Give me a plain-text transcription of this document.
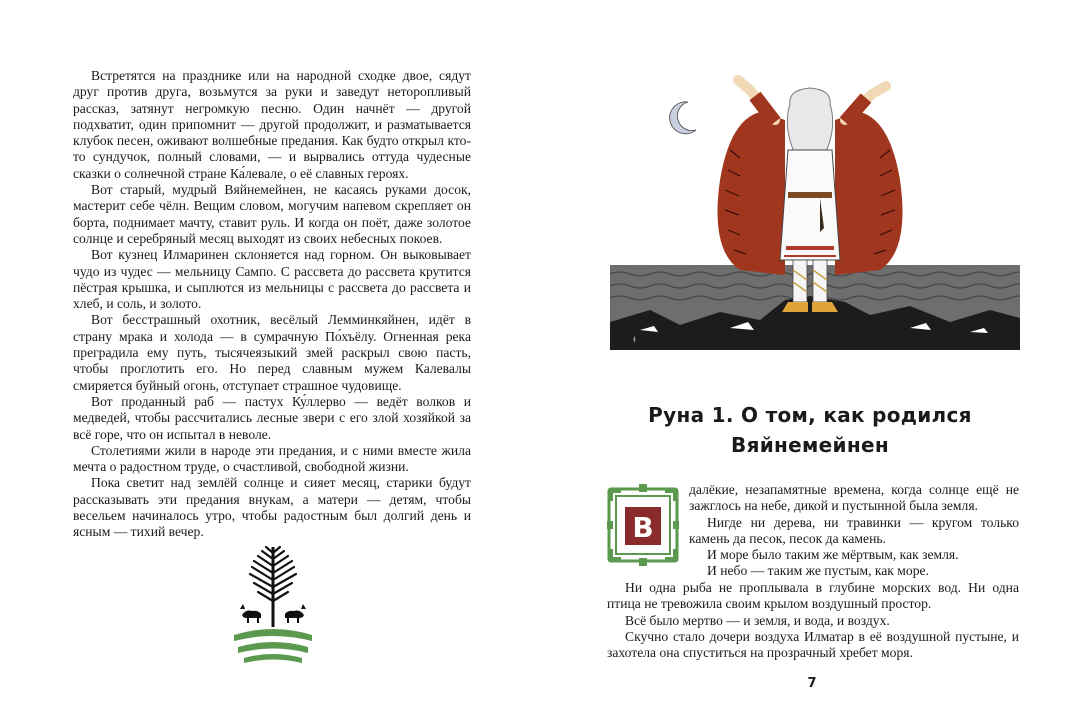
Встретятся на празднике или на народной сходке двое, сядут друг против друга, возьмутся за руки и заведут неторопливый рассказ, затянут негромкую песню. Один начнёт — другой подхватит, один припомнит — другой продолжит, и разматывается клубок песен, оживают волшебные предания. Как будто открыл кто-то сундучок, полный словами, — и вырвались оттуда чудесные сказки о солнечной стране Ка́левале, о её славных героях.

Вот старый, мудрый Вяйнемейнен, не касаясь руками досок, мастерит себе чёлн. Вещим словом, могучим напевом скрепляет он борта, поднимает мачту, ставит руль. И когда он поёт, даже золотое солнце и серебряный месяц выходят из своих небесных покоев.

Вот кузнец Илмаринен склоняется над горном. Он выковывает чудо из чудес — мельницу Сампо. С рассвета до рассвета крутится пёстрая крышка, и сыплются из мельницы с рассвета до рассвета и хлеб, и соль, и золото.

Вот бесстрашный охотник, весёлый Лемминкяйнен, идёт в страну мрака и холода — в сумрачную По́хъёлу. Огненная река преградила ему путь, тысячеязыкий змей раскрыл свою пасть, чтобы проглотить его. Но перед славным мужем Калевалы смиряется буйный огонь, отступает страшное чудовище.

Вот проданный раб — пастух Ку́ллерво — ведёт волков и медведей, чтобы рассчитались лесные звери с его злой хозяйкой за всё горе, что он испытал в неволе.

Столетиями жили в народе эти предания, и с ними вместе жила мечта о радостном труде, о счастливой, свободной жизни.

Пока светит над землёй солнце и сияет месяц, старики будут рассказывать эти предания внукам, а матери — детям, чтобы весельем начиналось утро, чтобы радостным был долгий день и ясным — тихий вечер.

ᚼ
Руна 1. О том, как родился
Вяйнемейнен
В

далёкие, незапамятные времена, когда солнце ещё не зажглось на небе, дикой и пустынной была земля.

Нигде ни дерева, ни травинки — кругом только камень да песок, песок да камень.

И море было таким же мёртвым, как земля.

И небо — таким же пустым, как море.

Ни одна рыба не проплывала в глубине морских вод. Ни одна птица не тревожила своим крылом воздушный простор.

Всё было мертво — и земля, и вода, и воздух.

Скучно стало дочери воздуха Илматар в её воздушной пустыне, и захотела она спуститься на прозрачный хребет моря.

7
